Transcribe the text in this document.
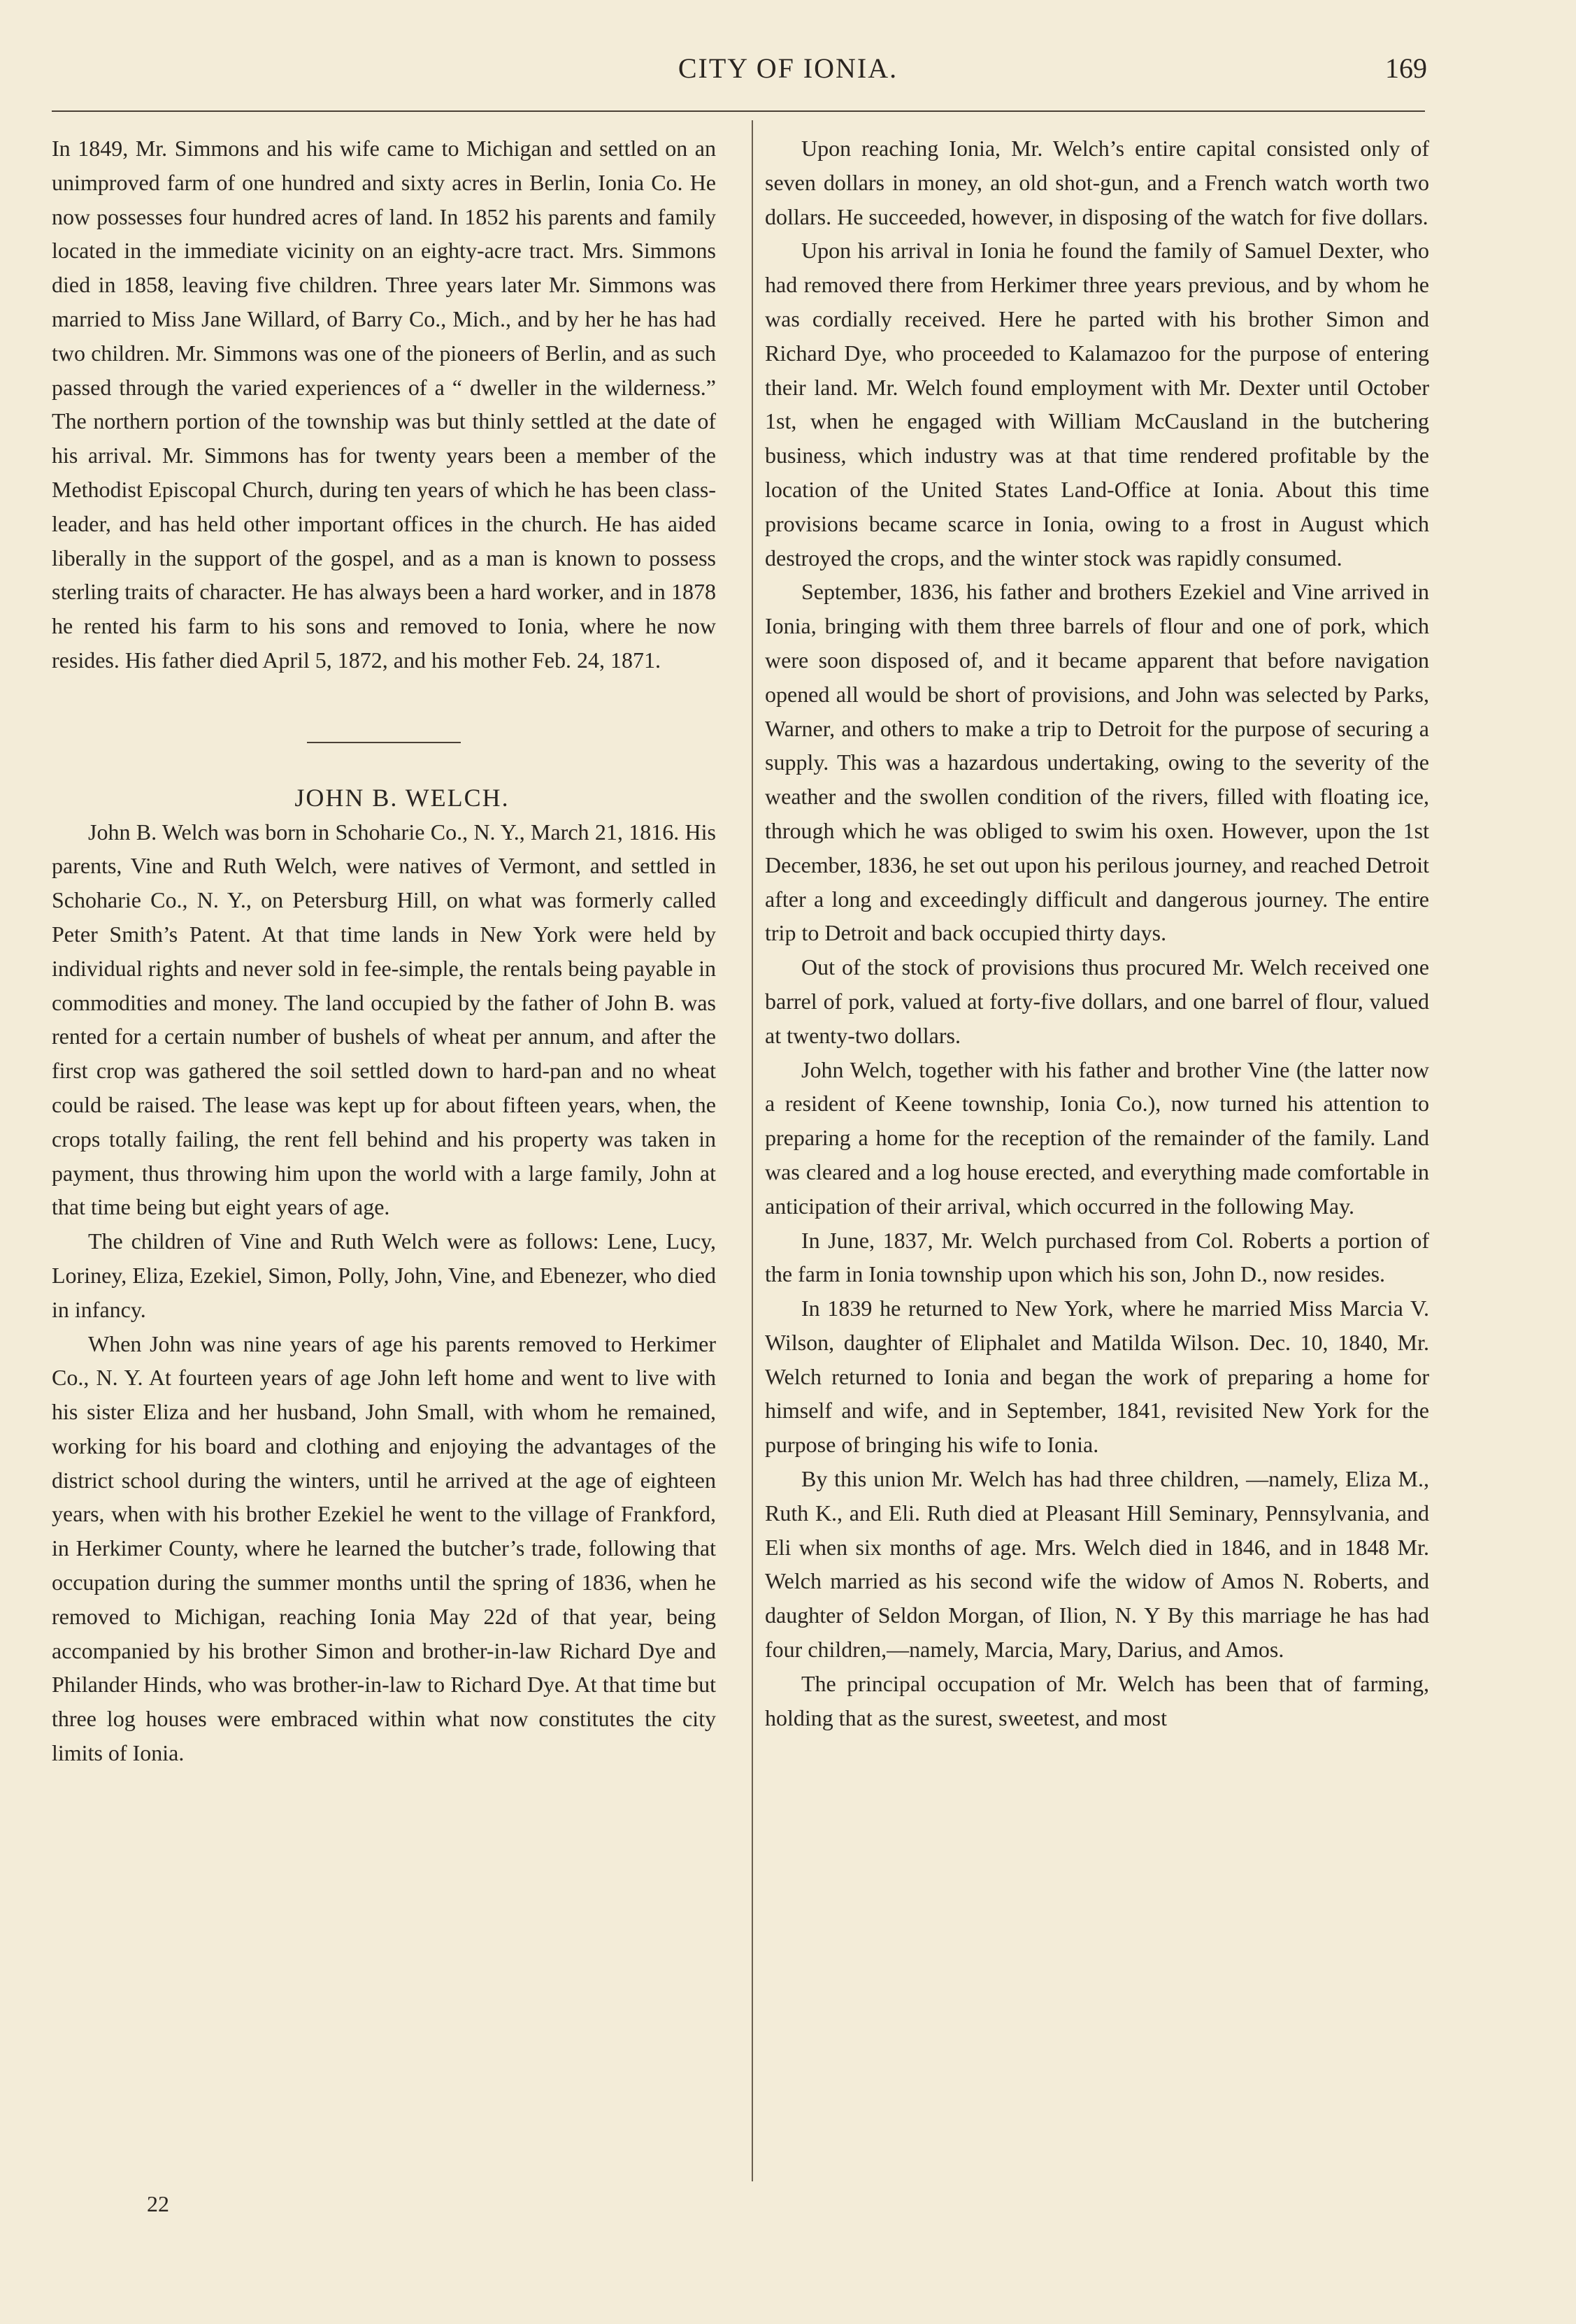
CITY OF IONIA.	169

In 1849, Mr. Simmons and his wife came to Michigan and settled on an unimproved farm of one hundred and sixty acres in Berlin, Ionia Co. He now possesses four hundred acres of land. In 1852 his parents and family located in the immediate vicinity on an eighty-acre tract. Mrs. Simmons died in 1858, leaving five children. Three years later Mr. Simmons was married to Miss Jane Willard, of Barry Co., Mich., and by her he has had two children. Mr. Simmons was one of the pioneers of Berlin, and as such passed through the varied experiences of a “ dweller in the wilderness.” The northern portion of the township was but thinly settled at the date of his arrival. Mr. Simmons has for twenty years been a member of the Methodist Episcopal Church, during ten years of which he has been class-leader, and has held other important offices in the church. He has aided liberally in the support of the gospel, and as a man is known to possess sterling traits of character. He has always been a hard worker, and in 1878 he rented his farm to his sons and removed to Ionia, where he now resides. His father died April 5, 1872, and his mother Feb. 24, 1871.

JOHN B. WELCH.

John B. Welch was born in Schoharie Co., N. Y., March 21, 1816. His parents, Vine and Ruth Welch, were natives of Vermont, and settled in Schoharie Co., N. Y., on Petersburg Hill, on what was formerly called Peter Smith’s Patent. At that time lands in New York were held by individual rights and never sold in fee-simple, the rentals being payable in commodities and money. The land occupied by the father of John B. was rented for a certain number of bushels of wheat per annum, and after the first crop was gathered the soil settled down to hard-pan and no wheat could be raised. The lease was kept up for about fifteen years, when, the crops totally failing, the rent fell behind and his property was taken in payment, thus throwing him upon the world with a large family, John at that time being but eight years of age.

The children of Vine and Ruth Welch were as follows: Lene, Lucy, Loriney, Eliza, Ezekiel, Simon, Polly, John, Vine, and Ebenezer, who died in infancy.

When John was nine years of age his parents removed to Herkimer Co., N. Y. At fourteen years of age John left home and went to live with his sister Eliza and her husband, John Small, with whom he remained, working for his board and clothing and enjoying the advantages of the district school during the winters, until he arrived at the age of eighteen years, when with his brother Ezekiel he went to the village of Frankford, in Herkimer County, where he learned the butcher’s trade, following that occupation during the summer months until the spring of 1836, when he removed to Michigan, reaching Ionia May 22d of that year, being accompanied by his brother Simon and brother-in-law Richard Dye and Philander Hinds, who was brother-in-law to Richard Dye. At that time but three log houses were embraced within what now constitutes the city limits of Ionia.

22

Upon reaching Ionia, Mr. Welch’s entire capital consisted only of seven dollars in money, an old shot-gun, and a French watch worth two dollars. He succeeded, however, in disposing of the watch for five dollars.

Upon his arrival in Ionia he found the family of Samuel Dexter, who had removed there from Herkimer three years previous, and by whom he was cordially received. Here he parted with his brother Simon and Richard Dye, who proceeded to Kalamazoo for the purpose of entering their land. Mr. Welch found employment with Mr. Dexter until October 1st, when he engaged with William McCausland in the butchering business, which industry was at that time rendered profitable by the location of the United States Land-Office at Ionia. About this time provisions became scarce in Ionia, owing to a frost in August which destroyed the crops, and the winter stock was rapidly consumed.

September, 1836, his father and brothers Ezekiel and Vine arrived in Ionia, bringing with them three barrels of flour and one of pork, which were soon disposed of, and it became apparent that before navigation opened all would be short of provisions, and John was selected by Parks, Warner, and others to make a trip to Detroit for the purpose of securing a supply. This was a hazardous undertaking, owing to the severity of the weather and the swollen condition of the rivers, filled with floating ice, through which he was obliged to swim his oxen. However, upon the 1st December, 1836, he set out upon his perilous journey, and reached Detroit after a long and exceedingly difficult and dangerous journey. The entire trip to Detroit and back occupied thirty days.

Out of the stock of provisions thus procured Mr. Welch received one barrel of pork, valued at forty-five dollars, and one barrel of flour, valued at twenty-two dollars.

John Welch, together with his father and brother Vine (the latter now a resident of Keene township, Ionia Co.), now turned his attention to preparing a home for the reception of the remainder of the family. Land was cleared and a log house erected, and everything made comfortable in anticipation of their arrival, which occurred in the following May.

In June, 1837, Mr. Welch purchased from Col. Roberts a portion of the farm in Ionia township upon which his son, John D., now resides.

In 1839 he returned to New York, where he married Miss Marcia V. Wilson, daughter of Eliphalet and Matilda Wilson. Dec. 10, 1840, Mr. Welch returned to Ionia and began the work of preparing a home for himself and wife, and in September, 1841, revisited New York for the purpose of bringing his wife to Ionia.

By this union Mr. Welch has had three children, —namely, Eliza M., Ruth K., and Eli. Ruth died at Pleasant Hill Seminary, Pennsylvania, and Eli when six months of age. Mrs. Welch died in 1846, and in 1848 Mr. Welch married as his second wife the widow of Amos N. Roberts, and daughter of Seldon Morgan, of Ilion, N. Y By this marriage he has had four children,—namely, Marcia, Mary, Darius, and Amos.

The principal occupation of Mr. Welch has been that of farming, holding that as the surest, sweetest, and most
